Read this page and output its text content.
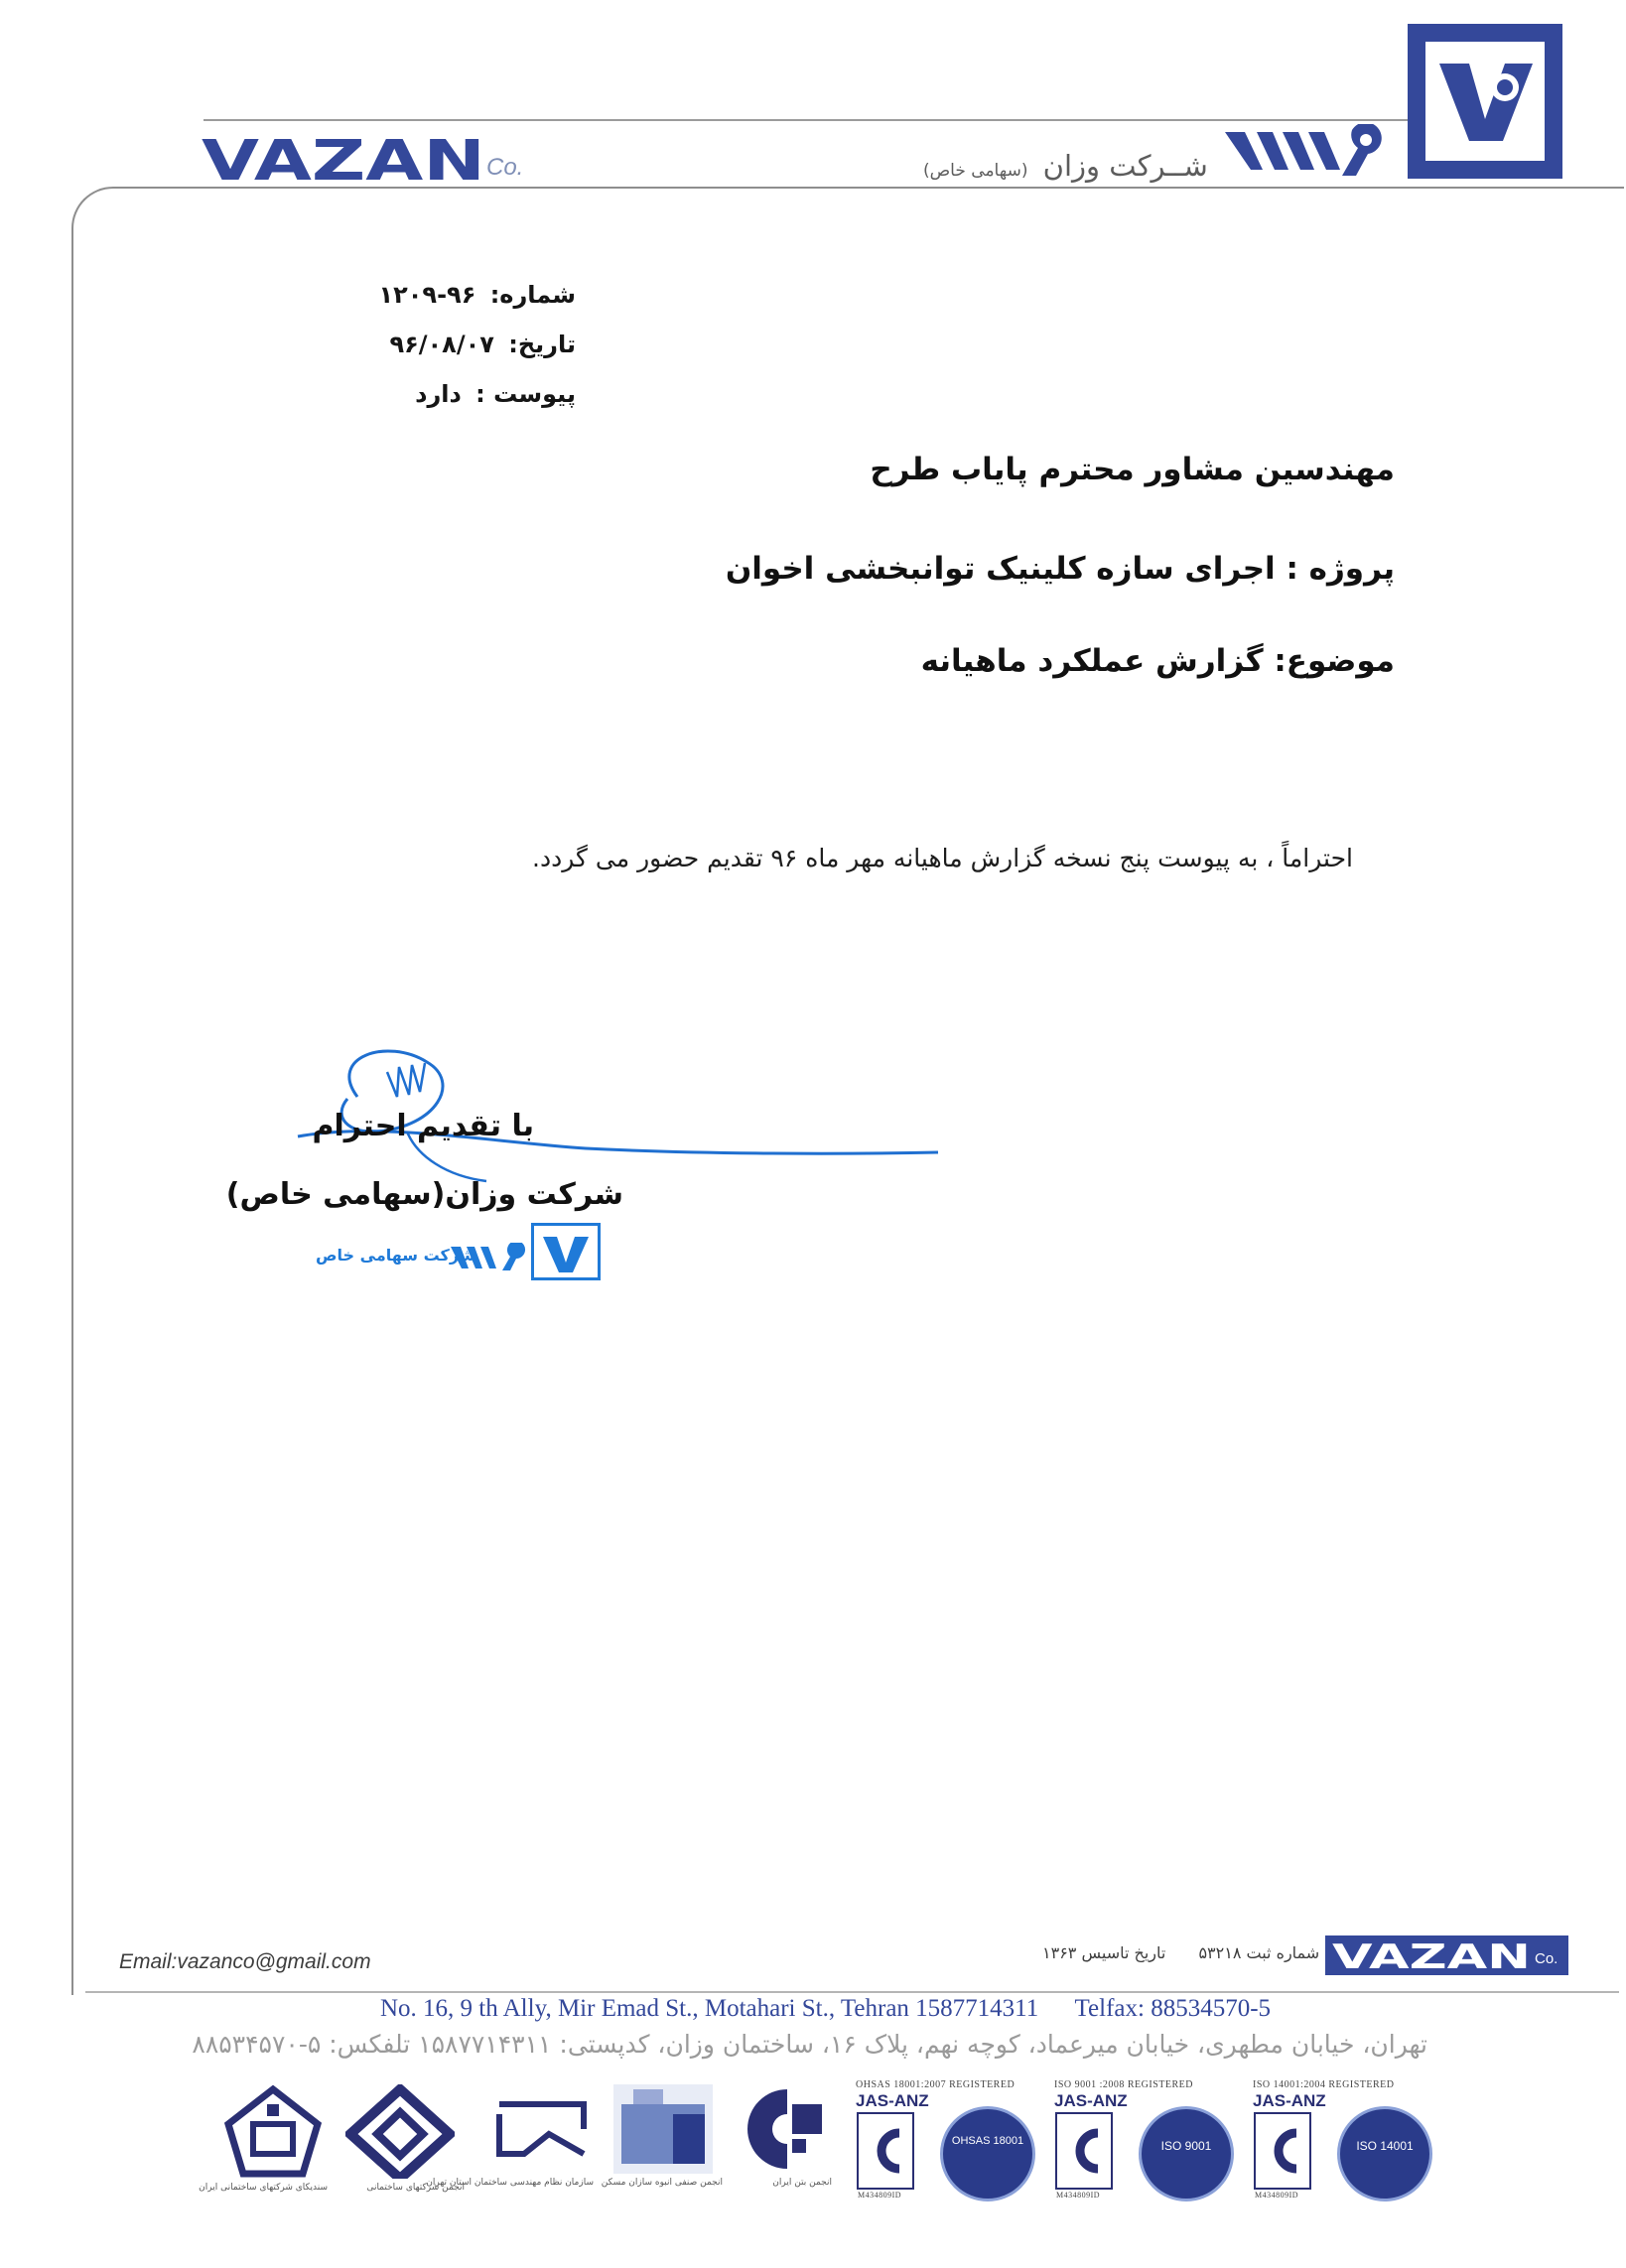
شــرکت وزان (سهامی خاص)
VAZAN Co.
شماره: ۹۶-۱۲۰۹
تاریخ: ۹۶/۰۸/۰۷
پیوست : دارد
مهندسین مشاور محترم پایاب طرح
پروژه : اجرای سازه کلینیک توانبخشی اخوان
موضوع: گزارش عملکرد ماهیانه
احتراماً ، به پیوست پنج نسخه گزارش ماهیانه مهر ماه ۹۶ تقدیم حضور می گردد.
با تقدیم احترام
شرکت وزان(سهامی خاص)
شرکت سهامی خاص
Email:vazanco@gmail.com	شماره ثبت ۵۳۲۱۸ تاریخ تاسیس ۱۳۶۳	VAZAN Co.
No. 16, 9 th Ally, Mir Emad St., Motahari St., Tehran 1587714311 Telfax: 88534570-5
تهران، خیابان مطهری، خیابان میرعماد، کوچه نهم، پلاک ۱۶، ساختمان وزان، کدپستی: ۱۵۸۷۷۱۴۳۱۱ تلفکس: ۵-۸۸۵۳۴۵۷۰
ISO 14001:2004 REGISTERED
JAS-ANZ
ISO 14001
M434809ID
ISO 9001 :2008 REGISTERED
JAS-ANZ
ISO 9001
M434809ID
OHSAS 18001:2007 REGISTERED
JAS-ANZ
OHSAS 18001
M434809ID
انجمن بتن ایران
انجمن صنفی انبوه سازان مسکن
سازمان نظام مهندسی ساختمان استان تهران
انجمن شرکتهای ساختمانی
سندیکای شرکتهای ساختمانی ایران
